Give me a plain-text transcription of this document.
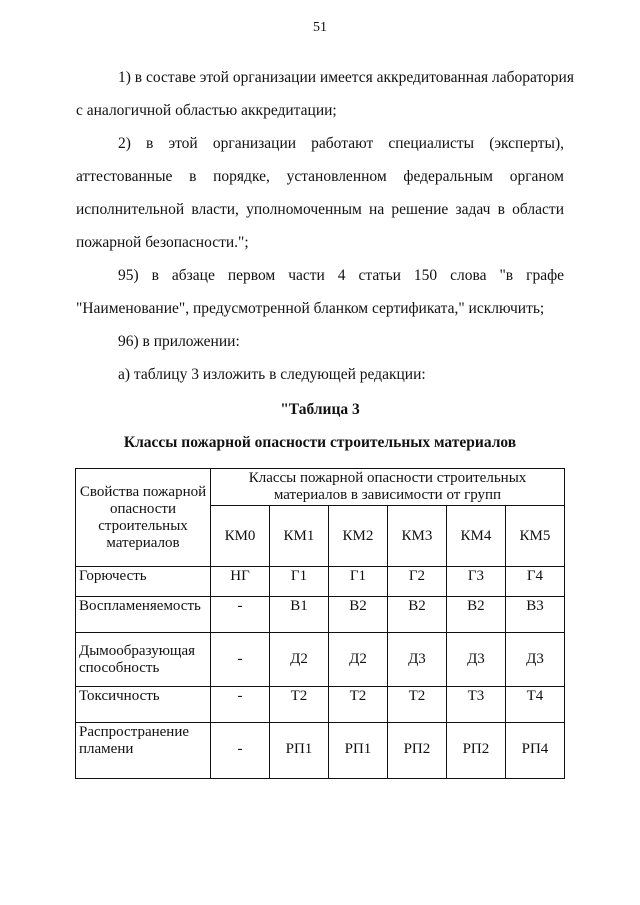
51
1) в составе этой организации имеется аккредитованная лаборатория
с аналогичной областью аккредитации;
2) в этой организации работают специалисты (эксперты),
аттестованные в порядке, установленном федеральным органом
исполнительной власти, уполномоченным на решение задач в области
пожарной безопасности.";
95) в абзаце первом части 4 статьи 150 слова "в графе
"Наименование", предусмотренной бланком сертификата," исключить;
96) в приложении:
а) таблицу 3 изложить в следующей редакции:
"Таблица 3
Классы пожарной опасности строительных материалов
Свойства пожарной опасности строительных материалов	Классы пожарной опасности строительных материалов в зависимости от групп					
	КМ0	КМ1	КМ2	КМ3	КМ4	КМ5
Горючесть	НГ	Г1	Г1	Г2	Г3	Г4
Воспламеняемость	-	В1	В2	В2	В2	В3
Дымообразующая способность	-	Д2	Д2	Д3	Д3	Д3
Токсичность	-	Т2	Т2	Т2	Т3	Т4
Распространение пламени	-	РП1	РП1	РП2	РП2	РП4
